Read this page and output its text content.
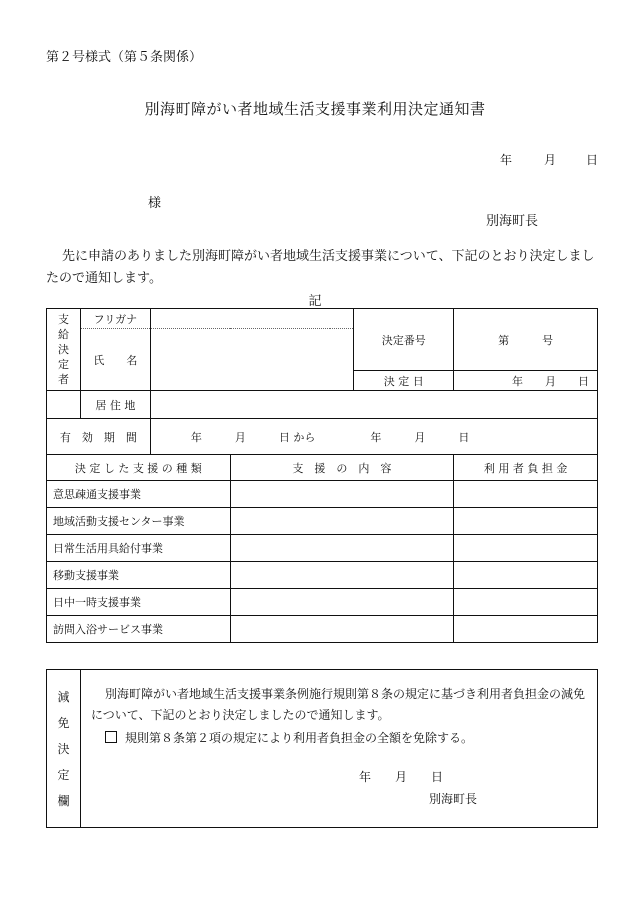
第２号様式（第５条関係）
別海町障がい者地域生活支援事業利用決定通知書
年	月 日
様
別海町長
先に申請のありました別海町障がい者地域生活支援事業について、下記のとおり決定しましたので通知します。
記
支
給
決
定
者	フリガナ			決定番号	第　　　号
	氏　　名				
				決 定 日	年　　月　　日
	居 住 地				
有　効　期　間		年　　　月　　　日 から　　　　　年　　　月　　　日			
決 定 し た 支 援 の 種 類			支　援　の　内　容		利 用 者 負 担 金
意思疎通支援事業					
地域活動支援センター事業					
日常生活用具給付事業					
移動支援事業					
日中一時支援事業					
訪問入浴サービス事業					
減
免
決
定
欄	
別海町障がい者地域生活支援事業条例施行規則第８条の規定に基づき利用者負担金の減免について、下記のとおり決定しましたので通知します。
規則第８条第２項の規定により利用者負担金の全額を免除する。
年　　月　　日
別海町長
